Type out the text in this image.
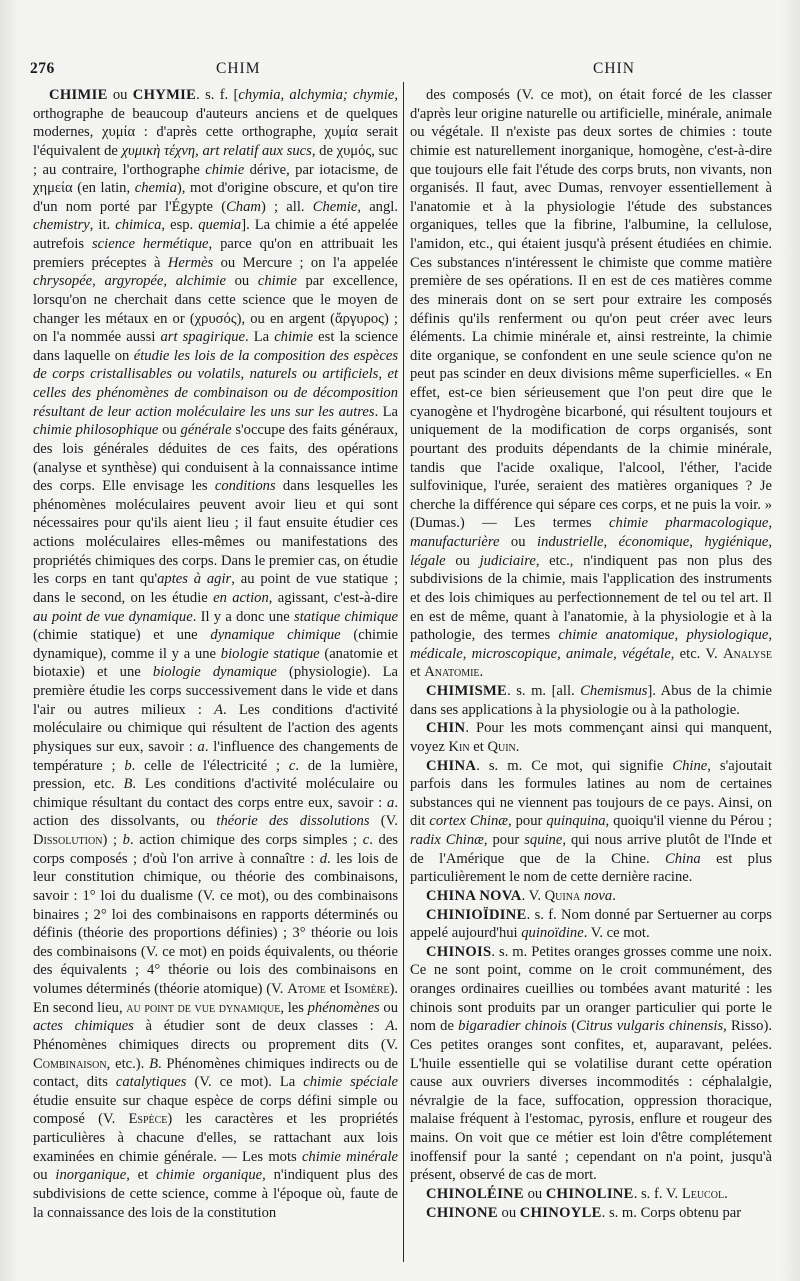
276	CHIM	CHIN

CHIMIE ou CHYMIE. s. f. [chymia, alchymia; chymie, orthographe de beaucoup d'auteurs anciens et de quelques modernes, χυμία : d'après cette orthographe, χυμία serait l'équivalent de χυμικὴ τέχνη, art relatif aux sucs, de χυμός, suc ; au contraire, l'orthographe chimie dérive, par iotacisme, de χημεία (en latin, chemia), mot d'origine obscure, et qu'on tire d'un nom porté par l'Égypte (Cham) ; all. Chemie, angl. chemistry, it. chimica, esp. quemia]. La chimie a été appelée autrefois science hermétique, parce qu'on en attribuait les premiers préceptes à Hermès ou Mercure ; on l'a appelée chrysopée, argyropée, alchimie ou chimie par excellence, lorsqu'on ne cherchait dans cette science que le moyen de changer les métaux en or (χρυσός), ou en argent (ἄργυρος) ; on l'a nommée aussi art spagirique. La chimie est la science dans laquelle on étudie les lois de la composition des espèces de corps cristallisables ou volatils, naturels ou artificiels, et celles des phénomènes de combinaison ou de décomposition résultant de leur action moléculaire les uns sur les autres. La chimie philosophique ou générale s'occupe des faits généraux, des lois générales déduites de ces faits, des opérations (analyse et synthèse) qui conduisent à la connaissance intime des corps. Elle envisage les conditions dans lesquelles les phénomènes moléculaires peuvent avoir lieu et qui sont nécessaires pour qu'ils aient lieu ; il faut ensuite étudier ces actions moléculaires elles-mêmes ou manifestations des propriétés chimiques des corps. Dans le premier cas, on étudie les corps en tant qu'aptes à agir, au point de vue statique ; dans le second, on les étudie en action, agissant, c'est-à-dire au point de vue dynamique. Il y a donc une statique chimique (chimie statique) et une dynamique chimique (chimie dynamique), comme il y a une biologie statique (anatomie et biotaxie) et une biologie dynamique (physiologie). La première étudie les corps successivement dans le vide et dans l'air ou autres milieux : A. Les conditions d'activité moléculaire ou chimique qui résultent de l'action des agents physiques sur eux, savoir : a. l'influence des changements de température ; b. celle de l'électricité ; c. de la lumière, pression, etc. B. Les conditions d'activité moléculaire ou chimique résultant du contact des corps entre eux, savoir : a. action des dissolvants, ou théorie des dissolutions (V. Dissolution) ; b. action chimique des corps simples ; c. des corps composés ; d'où l'on arrive à connaître : d. les lois de leur constitution chimique, ou théorie des combinaisons, savoir : 1° loi du dualisme (V. ce mot), ou des combinaisons binaires ; 2° loi des combinaisons en rapports déterminés ou définis (théorie des proportions définies) ; 3° théorie ou lois des combinaisons (V. ce mot) en poids équivalents, ou théorie des équivalents ; 4° théorie ou lois des combinaisons en volumes déterminés (théorie atomique) (V. Atome et Isomère). En second lieu, au point de vue dynamique, les phénomènes ou actes chimiques à étudier sont de deux classes : A. Phénomènes chimiques directs ou proprement dits (V. Combinaison, etc.). B. Phénomènes chimiques indirects ou de contact, dits catalytiques (V. ce mot). La chimie spéciale étudie ensuite sur chaque espèce de corps défini simple ou composé (V. Espèce) les caractères et les propriétés particulières à chacune d'elles, se rattachant aux lois examinées en chimie générale. — Les mots chimie minérale ou inorganique, et chimie organique, n'indiquent plus des subdivisions de cette science, comme à l'époque où, faute de la connaissance des lois de la constitution

des composés (V. ce mot), on était forcé de les classer d'après leur origine naturelle ou artificielle, minérale, animale ou végétale. Il n'existe pas deux sortes de chimies : toute chimie est naturellement inorganique, homogène, c'est-à-dire que toujours elle fait l'étude des corps bruts, non vivants, non organisés. Il faut, avec Dumas, renvoyer essentiellement à l'anatomie et à la physiologie l'étude des substances organiques, telles que la fibrine, l'albumine, la cellulose, l'amidon, etc., qui étaient jusqu'à présent étudiées en chimie. Ces substances n'intéressent le chimiste que comme matière première de ses opérations. Il en est de ces matières comme des minerais dont on se sert pour extraire les composés définis qu'ils renferment ou qu'on peut créer avec leurs éléments. La chimie minérale et, ainsi restreinte, la chimie dite organique, se confondent en une seule science qu'on ne peut pas scinder en deux divisions même superficielles. « En effet, est-ce bien sérieusement que l'on peut dire que le cyanogène et l'hydrogène bicarboné, qui résultent toujours et uniquement de la modification de corps organisés, sont pourtant des produits dépendants de la chimie minérale, tandis que l'acide oxalique, l'alcool, l'éther, l'acide sulfovinique, l'urée, seraient des matières organiques ? Je cherche la différence qui sépare ces corps, et ne puis la voir. » (Dumas.) — Les termes chimie pharmacologique, manufacturière ou industrielle, économique, hygiénique, légale ou judiciaire, etc., n'indiquent pas non plus des subdivisions de la chimie, mais l'application des instruments et des lois chimiques au perfectionnement de tel ou tel art. Il en est de même, quant à l'anatomie, à la physiologie et à la pathologie, des termes chimie anatomique, physiologique, médicale, microscopique, animale, végétale, etc. V. Analyse et Anatomie.

CHIMISME. s. m. [all. Chemismus]. Abus de la chimie dans ses applications à la physiologie ou à la pathologie.

CHIN. Pour les mots commençant ainsi qui manquent, voyez Kin et Quin.

CHINA. s. m. Ce mot, qui signifie Chine, s'ajoutait parfois dans les formules latines au nom de certaines substances qui ne viennent pas toujours de ce pays. Ainsi, on dit cortex Chinæ, pour quinquina, quoiqu'il vienne du Pérou ; radix Chinæ, pour squine, qui nous arrive plutôt de l'Inde et de l'Amérique que de la Chine. China est plus particulièrement le nom de cette dernière racine.

CHINA NOVA. V. Quina nova.

CHINIOÏDINE. s. f. Nom donné par Sertuerner au corps appelé aujourd'hui quinoïdine. V. ce mot.

CHINOIS. s. m. Petites oranges grosses comme une noix. Ce ne sont point, comme on le croit communément, des oranges ordinaires cueillies ou tombées avant maturité : les chinois sont produits par un oranger particulier qui porte le nom de bigaradier chinois (Citrus vulgaris chinensis, Risso). Ces petites oranges sont confites, et, auparavant, pelées. L'huile essentielle qui se volatilise durant cette opération cause aux ouvriers diverses incommodités : céphalalgie, névralgie de la face, suffocation, oppression thoracique, malaise fréquent à l'estomac, pyrosis, enflure et rougeur des mains. On voit que ce métier est loin d'être complétement inoffensif pour la santé ; cependant on n'a point, jusqu'à présent, observé de cas de mort.

CHINOLÉINE ou CHINOLINE. s. f. V. Leucol.

CHINONE ou CHINOYLE. s. m. Corps obtenu par
